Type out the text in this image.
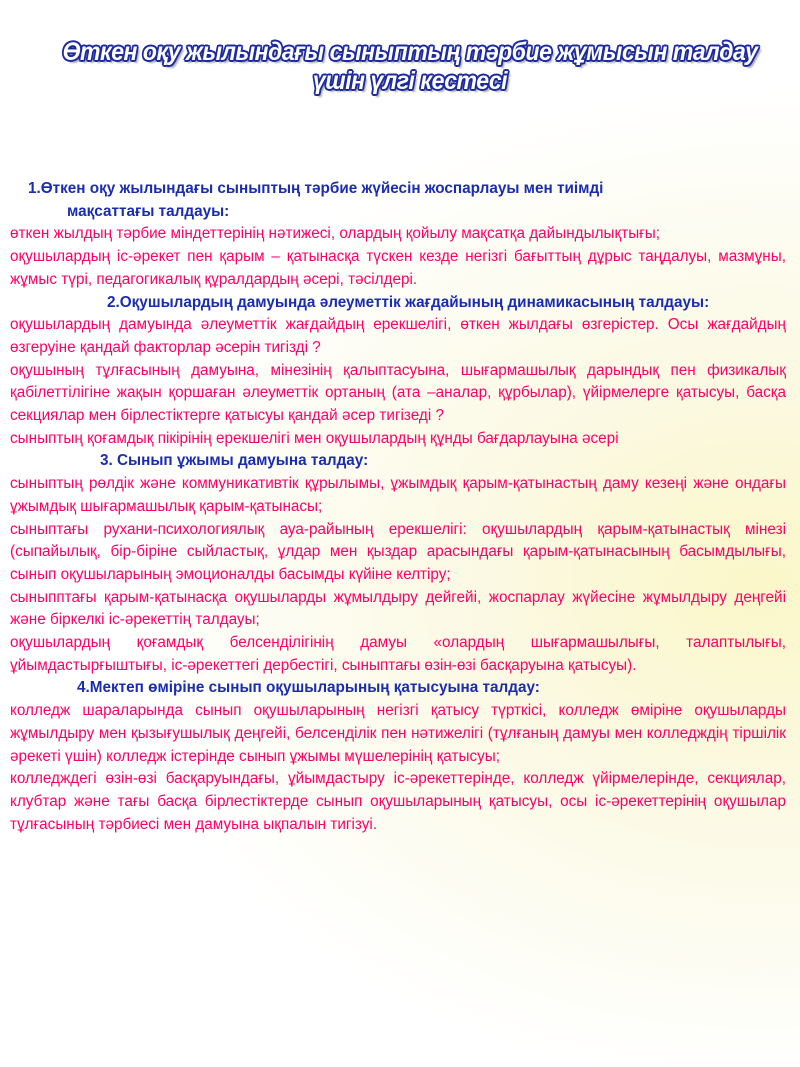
Өткен оқу жылындағы сыныптың тәрбие жұмысын талдау үшін үлгі кестесі

1.Өткен оқу жылындағы сыныптың тәрбие жүйесін жоспарлауы мен тиімді

мақсаттағы талдауы:

өткен жылдың тәрбие міндеттерінің нәтижесі, олардың қойылу мақсатқа дайындылықтығы;

оқушылардың іс-әрекет пен қарым – қатынасқа түскен кезде негізгі бағыттың дұрыс таңдалуы, мазмұны, жұмыс түрі, педагогикалық құралдардың әсері, тәсілдері.

2.Оқушылардың дамуында әлеуметтік жағдайының динамикасының талдауы:

оқушылардың дамуында әлеуметтік жағдайдың ерекшелігі, өткен жылдағы өзгерістер. Осы жағдайдың өзгеруіне қандай факторлар әсерін тигізді ?

оқушының тұлғасының дамуына, мінезінің қалыптасуына, шығармашылық дарындық пен физикалық қабілеттілігіне жақын қоршаған әлеуметтік ортаның (ата –аналар, құрбылар), үйірмелерге қатысуы, басқа секциялар мен бірлестіктерге қатысуы қандай әсер тигізеді ?

сыныптың қоғамдық пікірінің ерекшелігі мен оқушылардың құнды бағдарлауына әсері

3. Сынып ұжымы дамуына талдау:

сыныптың рөлдік және коммуникативтік құрылымы, ұжымдық қарым-қатынастың даму кезеңі және ондағы ұжымдық шығармашылық қарым-қатынасы;

сыныптағы рухани-психологиялық ауа-райының ерекшелігі: оқушылардың қарым-қатынастық мінезі (сыпайылық, бір-біріне сыйластық, ұлдар мен қыздар арасындағы қарым-қатынасының басымдылығы, сынып оқушыларының эмоционалды басымды күйіне келтіру;

сыныпптағы қарым-қатынасқа оқушыларды жұмылдыру дейгейі, жоспарлау жүйесіне жұмылдыру деңгейі және біркелкі іс-әрекеттің талдауы;

оқушылардың қоғамдық белсенділігінің дамуы «олардың шығармашылығы, талаптылығы, ұйымдастырғыштығы, іс-әрекеттегі дербестігі, сыныптағы өзін-өзі басқаруына қатысуы).

4.Мектеп өміріне сынып оқушыларының қатысуына талдау:

колледж шараларында сынып оқушыларының негізгі қатысу түрткісі, колледж өміріне оқушыларды жұмылдыру мен қызығушылық деңгейі, белсенділік пен нәтижелігі (тұлғаның дамуы мен колледждің тіршілік әрекеті үшін) колледж істерінде сынып ұжымы мүшелерінің қатысуы;

колледждегі өзін-өзі басқаруындағы, ұйымдастыру іс-әрекеттерінде, колледж үйірмелерінде, секциялар, клубтар және тағы басқа бірлестіктерде сынып оқушыларының қатысуы, осы іс-әрекеттерінің оқушылар тұлғасының тәрбиесі мен дамуына ықпалын тигізуі.
